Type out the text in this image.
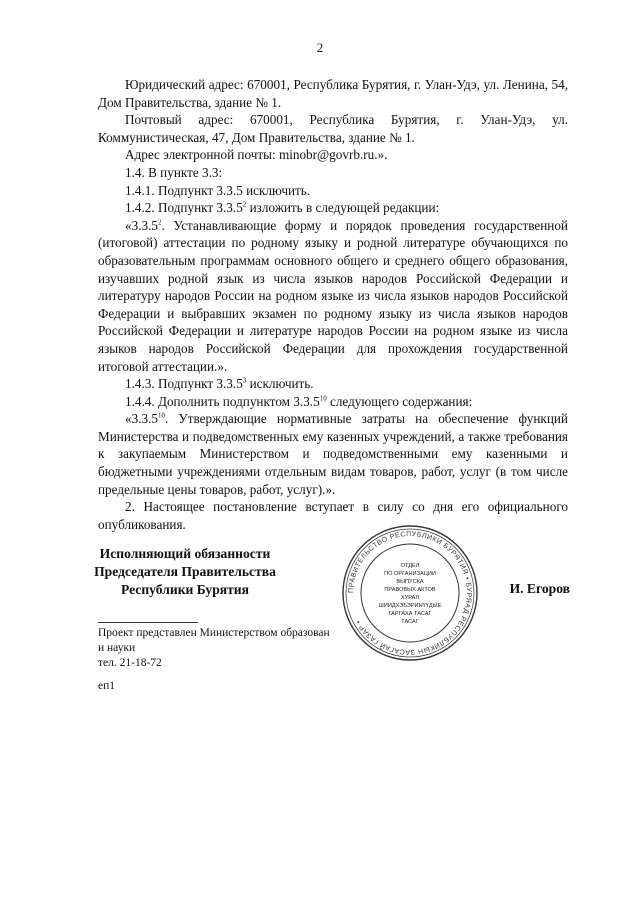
2

Юридический адрес: 670001, Республика Бурятия, г. Улан-Удэ, ул. Ленина, 54, Дом Правительства, здание № 1.

Почтовый адрес: 670001, Республика Бурятия, г. Улан-Удэ, ул. Коммунистическая, 47, Дом Правительства, здание № 1.

Адрес электронной почты: minobr@govrb.ru.».

1.4. В пункте 3.3:

1.4.1. Подпункт 3.3.5 исключить.

1.4.2. Подпункт 3.3.5$^2$ изложить в следующей редакции:

«3.3.5$^2$. Устанавливающие форму и порядок проведения государственной (итоговой) аттестации по родному языку и родной литературе обучающихся по образовательным программам основного общего и среднего общего образования, изучавших родной язык из числа языков народов Российской Федерации и литературу народов России на родном языке из числа языков народов Российской Федерации и выбравших экзамен по родному языку из числа языков народов Российской Федерации и литературе народов России на родном языке из числа языков народов Российской Федерации для прохождения государственной итоговой аттестации.».

1.4.3. Подпункт 3.3.5$^3$ исключить.

1.4.4. Дополнить подпунктом 3.3.5$^{10}$ следующего содержания:

«3.3.5$^{10}$. Утверждающие нормативные затраты на обеспечение функций Министерства и подведомственных ему казенных учреждений, а также требования к закупаемым Министерством и подведомственными ему казенными и бюджетными учреждениями отдельным видам товаров, работ, услуг (в том числе предельные цены товаров, работ, услуг).».

2. Настоящее постановление вступает в силу со дня его официального опубликования.

Исполняющий обязанности
Председателя Правительства
Республики Бурятия	ПРАВИТЕЛЬСТВО РЕСПУБЛИКИ БУРЯТИЯ • БУРЯАД РЕСПУБЛИКЫН ЗАСАГАЙ ГАЗАР •
ОТДЕЛ
ПО ОРГАНИЗАЦИИ
ВЫПУСКА
ПРАВОВЫХ АКТОВ
ХУРАЛ
ШИИДХЭБЭРИНҮҮДЫЕ
ГАРГАХА ТАСАГ
ТАСАГ
И. Егоров
Проект представлен Министерством образован
и науки
тел. 21-18-72
еп1
